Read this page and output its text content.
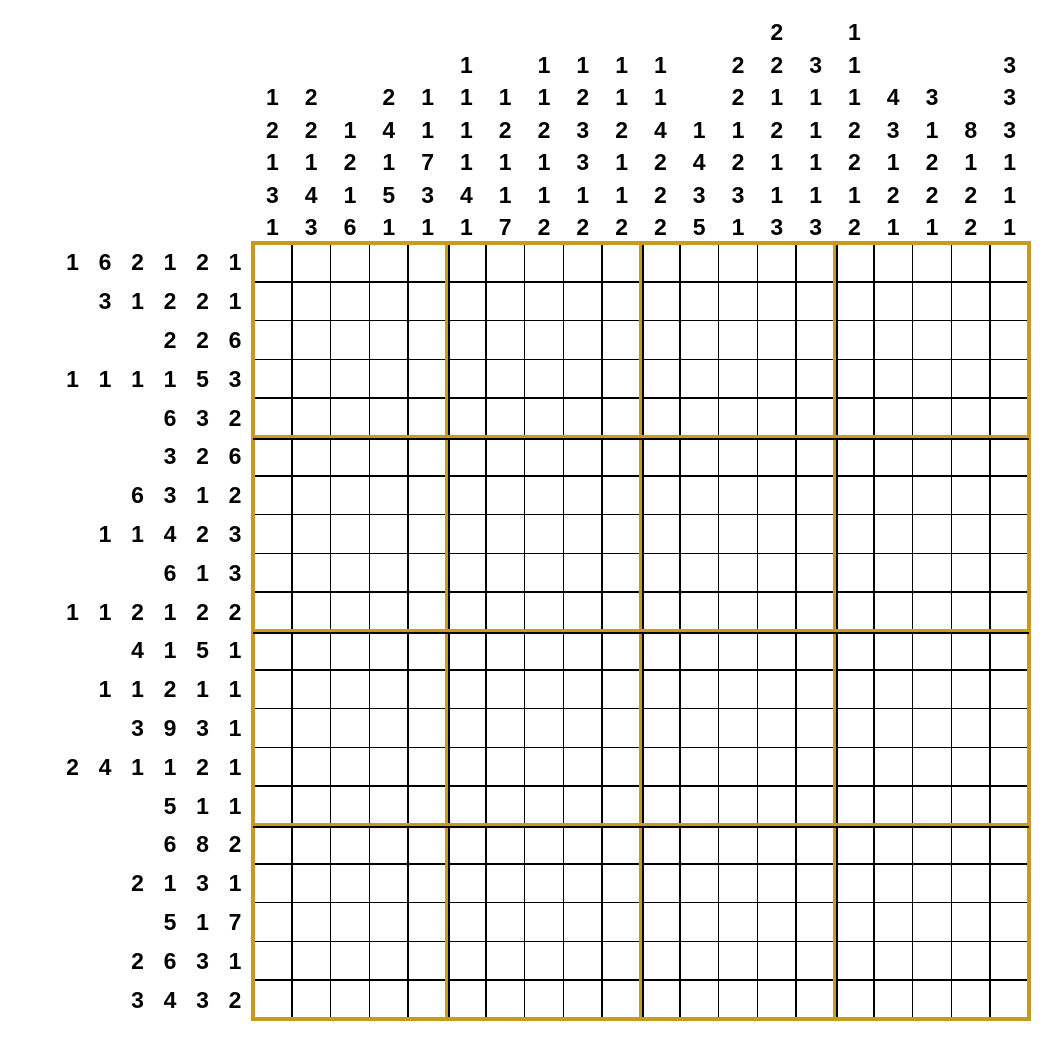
1
2
1
3
1
2
2
1
4
3
1
2
1
6
2
4
1
5
1
1
1
7
3
1
1
1
1
1
4
1
1
2
1
1
7
1
1
2
1
1
2
1
2
3
3
1
2
1
1
2
1
1
2
1
1
4
2
2
2
1
4
3
5
2
2
1
2
3
1
2
2
1
2
1
1
3
3
1
1
1
1
3
1
1
1
2
2
1
2
4
3
1
2
1
3
1
2
2
1
8
1
2
2
3
3
3
1
1
1
1 6 2 1 2 1
3 1 2 2 1
2 2 6
1 1 1 1 5 3
6 3 2
3 2 6
6 3 1 2
1 1 4 2 3
6 1 3
1 1 2 1 2 2
4 1 5 1
1 1 2 1 1
3 9 3 1
2 4 1 1 2 1
5 1 1
6 8 2
2 1 3 1
5 1 7
2 6 3 1
3 4 3 2
